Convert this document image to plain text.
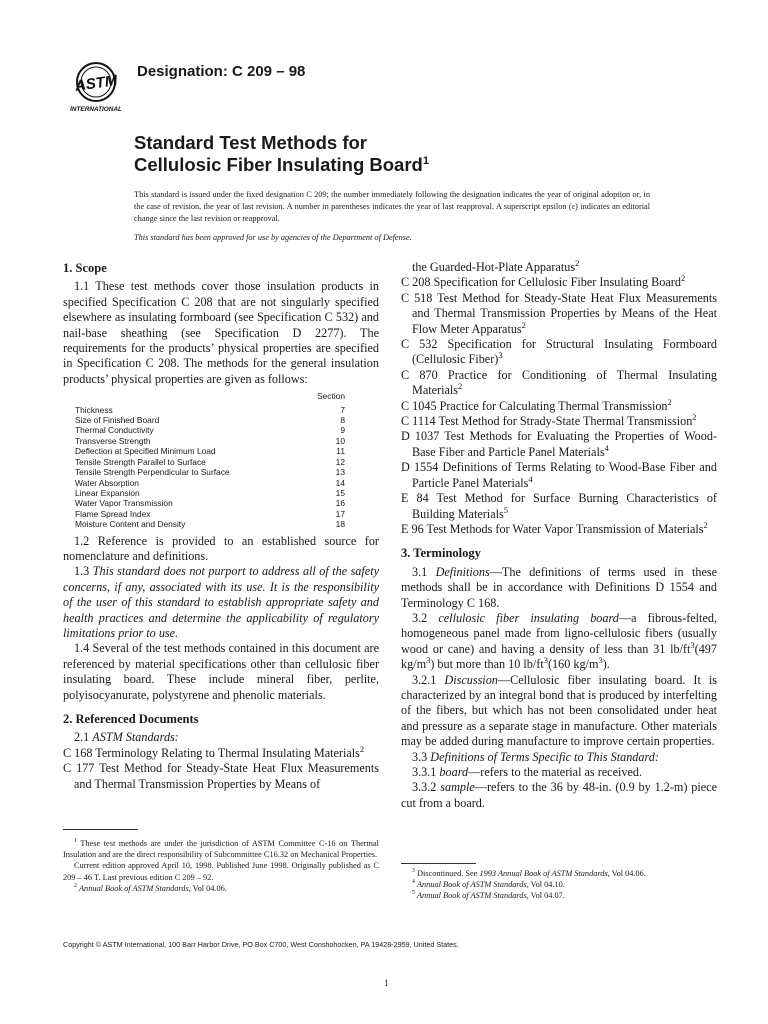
ASTM
INTERNATIONAL
Designation: C 209 – 98
Standard Test Methods for
Cellulosic Fiber Insulating Board$^1$
This standard is issued under the fixed designation C 209; the number immediately following the designation indicates the year of original adoption or, in the case of revision, the year of last revision. A number in parentheses indicates the year of last reapproval. A superscript epsilon (ε) indicates an editorial change since the last revision or reapproval.
This standard has been approved for use by agencies of the Department of Defense.

1. Scope

1.1 These test methods cover those insulation products in specified Specification C 208 that are not singularly specified elsewhere as insulating formboard (see Specification C 532) and nail-base sheathing (see Specification D 2277). The requirements for the products’ physical properties are specified in Specification C 208. The methods for the general insulation products’ physical properties are given as follows:

Section
Thickness	7
Size of Finished Board	8
Thermal Conductivity	9
Transverse Strength	10
Deflection at Specified Minimum Load	11
Tensile Strength Parallel to Surface	12
Tensile Strength Perpendicular to Surface	13
Water Absorption	14
Linear Expansion	15
Water Vapor Transmission	16
Flame Spread Index	17
Moisture Content and Density	18

1.2 Reference is provided to an established source for nomenclature and definitions.

1.3 This standard does not purport to address all of the safety concerns, if any, associated with its use. It is the responsibility of the user of this standard to establish appropriate safety and health practices and determine the applicability of regulatory limitations prior to use.

1.4 Several of the test methods contained in this document are referenced by material specifications other than cellulosic fiber insulating board. These include mineral fiber, perlite, polyisocyanurate, polystyrene and phenolic materials.

2. Referenced Documents

2.1 ASTM Standards:

C 168 Terminology Relating to Thermal Insulating Materials$^2$

C 177 Test Method for Steady-State Heat Flux Measurements and Thermal Transmission Properties by Means of

$^1$ These test methods are under the jurisdiction of ASTM Committee C-16 on Thermal Insulation and are the direct responsibility of Subcommittee C16.32 on Mechanical Properties.

Current edition approved April 10, 1998. Published June 1998. Originally published as C 209 – 46 T. Last previous edition C 209 – 92.

$^2$ Annual Book of ASTM Standards, Vol 04.06.

the Guarded-Hot-Plate Apparatus$^2$

C 208 Specification for Cellulosic Fiber Insulating Board$^2$

C 518 Test Method for Steady-State Heat Flux Measurements and Thermal Transmission Properties by Means of the Heat Flow Meter Apparatus$^2$

C 532 Specification for Structural Insulating Formboard (Cellulosic Fiber)$^3$

C 870 Practice for Conditioning of Thermal Insulating Materials$^2$

C 1045 Practice for Calculating Thermal Transmission$^2$

C 1114 Test Method for Strady-State Thermal Transmission$^2$

D 1037 Test Methods for Evaluating the Properties of Wood-Base Fiber and Particle Panel Materials$^4$

D 1554 Definitions of Terms Relating to Wood-Base Fiber and Particle Panel Materials$^4$

E 84 Test Method for Surface Burning Characteristics of Building Materials$^5$

E 96 Test Methods for Water Vapor Transmission of Materials$^2$

3. Terminology

3.1 Definitions—The definitions of terms used in these methods shall be in accordance with Definitions D 1554 and Terminology C 168.

3.2 cellulosic fiber insulating board—a fibrous-felted, homogeneous panel made from ligno-cellulosic fibers (usually wood or cane) and having a density of less than 31 $lb/ft^3(497$ $kg/m^3$) but more than 10 $lb/ft^3(160$ $kg/m^3$).

3.2.1 Discussion—Cellulosic fiber insulating board. It is characterized by an integral bond that is produced by interfelting of the fibers, but which has not been consolidated under heat and pressure as a separate stage in manufacture. Other materials may be added during manufacture to improve certain properties.

3.3 Definitions of Terms Specific to This Standard:

3.3.1 board—refers to the material as received.

3.3.2 sample—refers to the 36 by 48-in. (0.9 by 1.2-m) piece cut from a board.

$^3$ Discontinued. See 1993 Annual Book of ASTM Standards, Vol 04.06.

$^4$ Annual Book of ASTM Standards, Vol 04.10.

$^5$ Annual Book of ASTM Standards, Vol 04.07.

Copyright © ASTM International, 100 Barr Harbor Drive, PO Box C700, West Conshohocken, PA 19428-2959, United States.
1
